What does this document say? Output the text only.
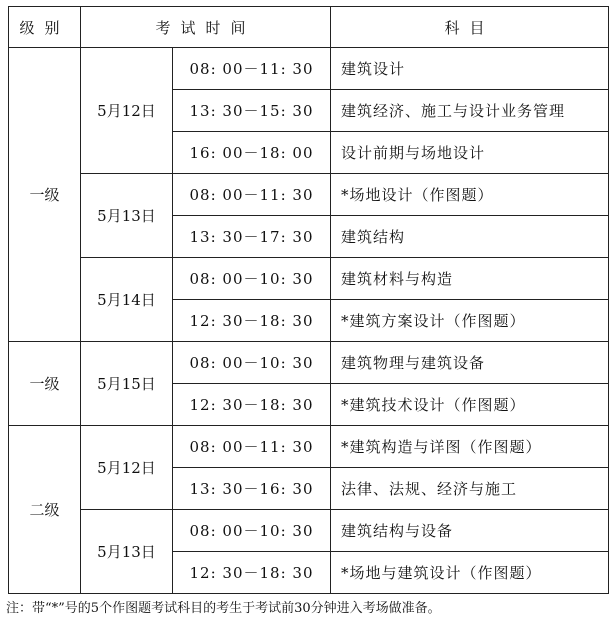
级别	考试时间		科目
一级	5月12日	08: 00－11: 30	建筑设计
		13: 30－15: 30	建筑经济、施工与设计业务管理
		16: 00－18: 00	设计前期与场地设计
	5月13日	08: 00－11: 30	*场地设计（作图题）
		13: 30－17: 30	建筑结构
	5月14日	08: 00－10: 30	建筑材料与构造
		12: 30－18: 30	*建筑方案设计（作图题）
一级	5月15日	08: 00－10: 30	建筑物理与建筑设备
		12: 30－18: 30	*建筑技术设计（作图题）
二级	5月12日	08: 00－11: 30	*建筑构造与详图（作图题）
		13: 30－16: 30	法律、法规、经济与施工
	5月13日	08: 00－10: 30	建筑结构与设备
		12: 30－18: 30	*场地与建筑设计（作图题）
注：带“*”号的5个作图题考试科目的考生于考试前30分钟进入考场做准备。
